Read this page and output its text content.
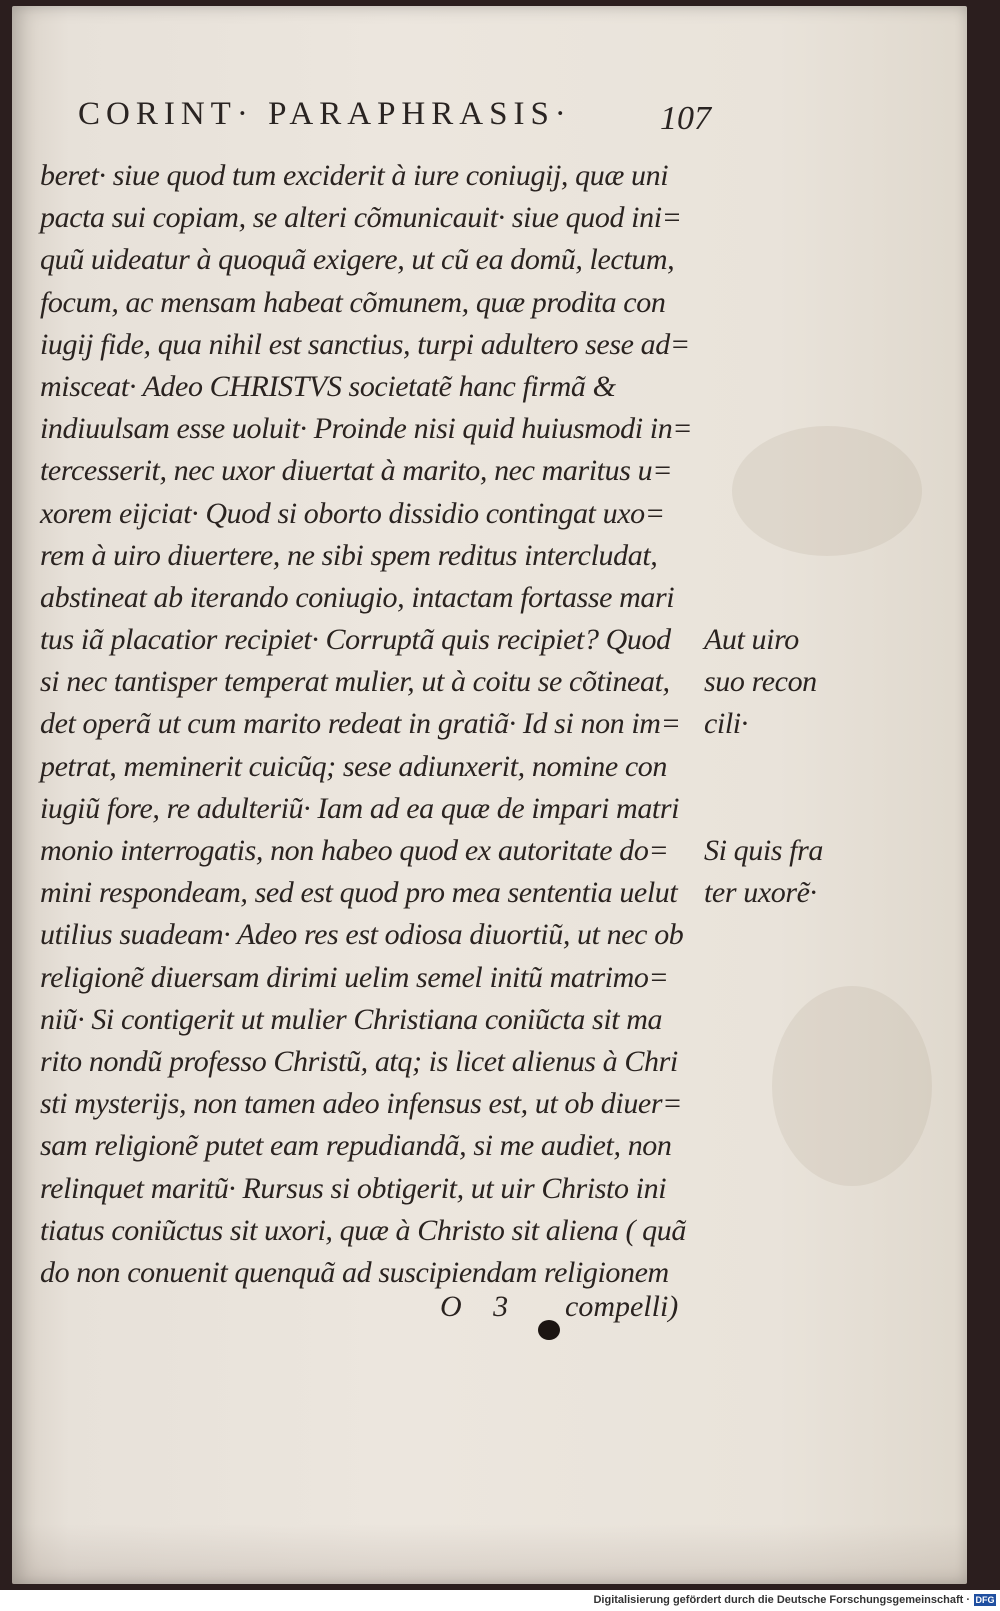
CORINT· PARAPHRASIS·	107
beret· siue quod tum exciderit à iure coniugij, quæ uni
pacta sui copiam, se alteri cõmunicauit· siue quod ini=
quũ uideatur à quoquã exigere, ut cũ ea domũ, lectum,
focum, ac mensam habeat cõmunem, quæ prodita con
iugij fide, qua nihil est sanctius, turpi adultero sese ad=
misceat· Adeo CHRISTVS societatẽ hanc firmã &
indiuulsam esse uoluit· Proinde nisi quid huiusmodi in=
tercesserit, nec uxor diuertat à marito, nec maritus u=
xorem eijciat· Quod si oborto dissidio contingat uxo=
rem à uiro diuertere, ne sibi spem reditus intercludat,
abstineat ab iterando coniugio, intactam fortasse mari
tus iã placatior recipiet· Corruptã quis recipiet? Quod
si nec tantisper temperat mulier, ut à coitu se cõtineat,
det operã ut cum marito redeat in gratiã· Id si non im=
petrat, meminerit cuicũq; sese adiunxerit, nomine con
iugiũ fore, re adulteriũ· Iam ad ea quæ de impari matri
monio interrogatis, non habeo quod ex autoritate do=
mini respondeam, sed est quod pro mea sententia uelut
utilius suadeam· Adeo res est odiosa diuortiũ, ut nec ob
religionẽ diuersam dirimi uelim semel initũ matrimo=
niũ· Si contigerit ut mulier Christiana coniũcta sit ma
rito nondũ professo Christũ, atq; is licet alienus à Chri
sti mysterijs, non tamen adeo infensus est, ut ob diuer=
sam religionẽ putet eam repudiandã, si me audiet, non
relinquet maritũ· Rursus si obtigerit, ut uir Christo ini
tiatus coniũctus sit uxori, quæ à Christo sit aliena ( quã
do non conuenit quenquã ad suscipiendam religionem
Aut uiro
suo recon
cili·
Si quis fra
ter uxorẽ·
O 3 compelli)
Digitalisierung gefördert durch die Deutsche Forschungsgemeinschaft · DFG
